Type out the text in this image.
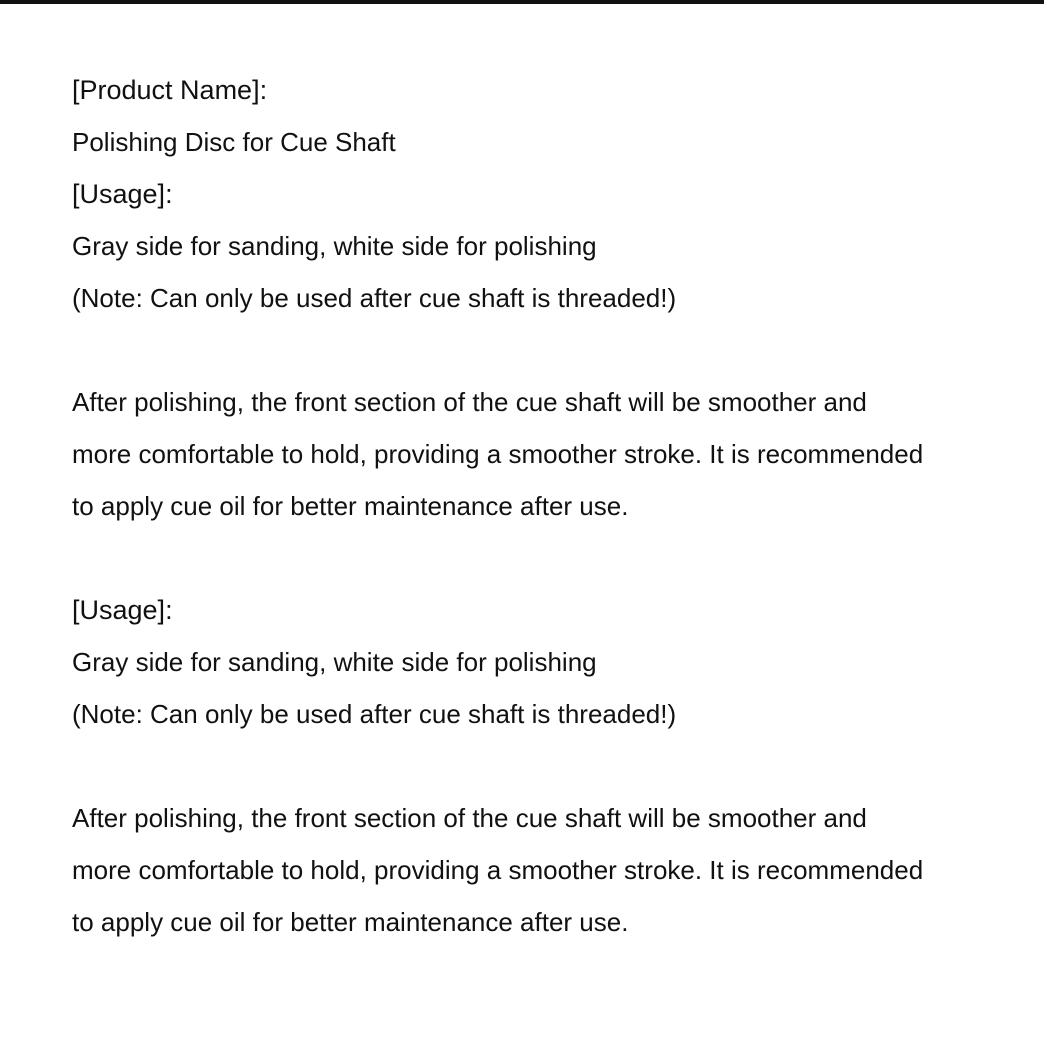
[Product Name]:
Polishing Disc for Cue Shaft
[Usage]:
Gray side for sanding, white side for polishing
(Note: Can only be used after cue shaft is threaded!)
After polishing, the front section of the cue shaft will be smoother and
more comfortable to hold, providing a smoother stroke. It is recommended
to apply cue oil for better maintenance after use.
[Usage]:
Gray side for sanding, white side for polishing
(Note: Can only be used after cue shaft is threaded!)
After polishing, the front section of the cue shaft will be smoother and
more comfortable to hold, providing a smoother stroke. It is recommended
to apply cue oil for better maintenance after use.
